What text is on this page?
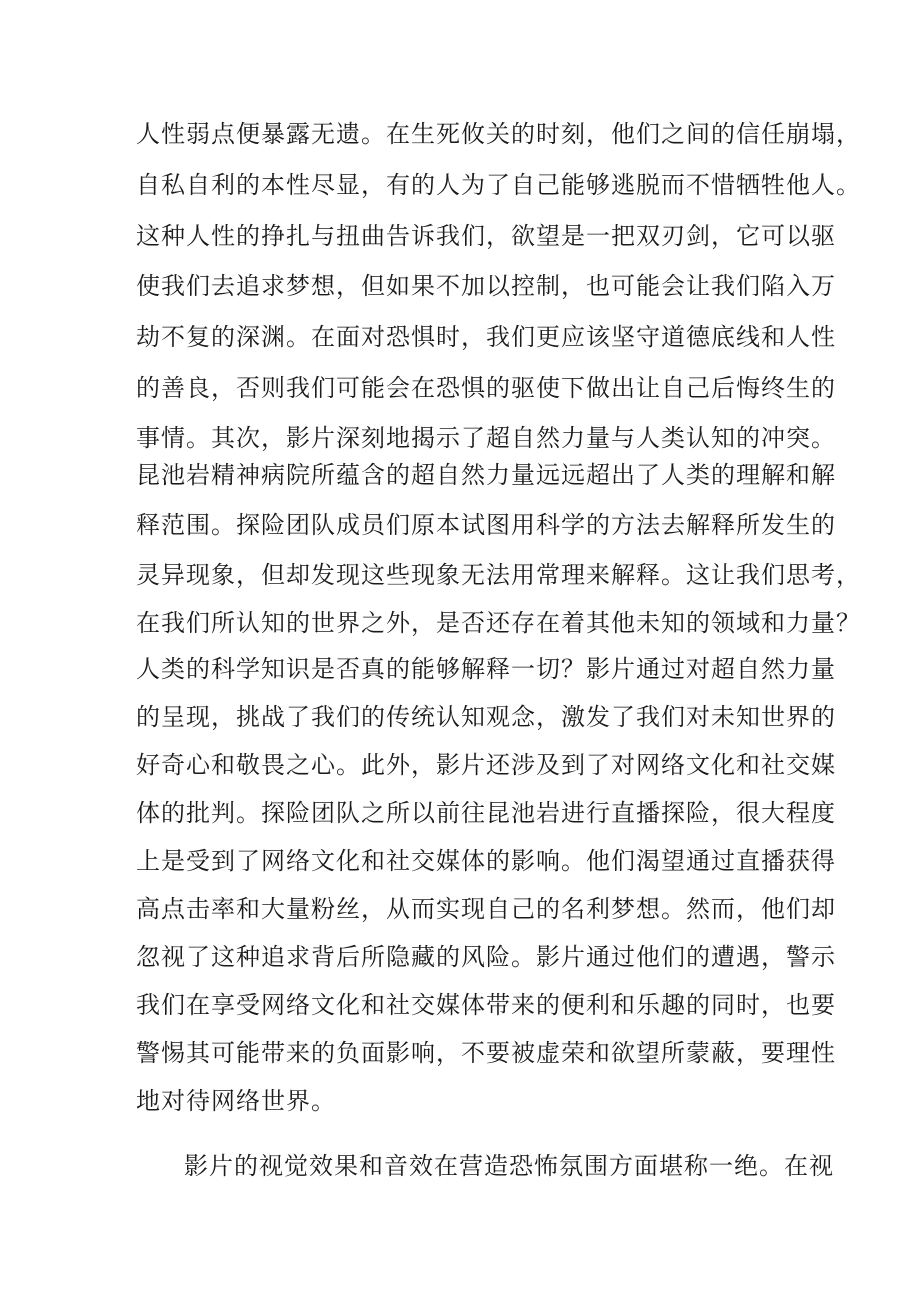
人性弱点便暴露无遗。在生死攸关的时刻，他们之间的信任崩塌，
自私自利的本性尽显，有的人为了自己能够逃脱而不惜牺牲他人。
这种人性的挣扎与扭曲告诉我们，欲望是一把双刃剑，它可以驱
使我们去追求梦想，但如果不加以控制，也可能会让我们陷入万
劫不复的深渊。在面对恐惧时，我们更应该坚守道德底线和人性
的善良，否则我们可能会在恐惧的驱使下做出让自己后悔终生的
事情。其次，影片深刻地揭示了超自然力量与人类认知的冲突。
昆池岩精神病院所蕴含的超自然力量远远超出了人类的理解和解
释范围。探险团队成员们原本试图用科学的方法去解释所发生的
灵异现象，但却发现这些现象无法用常理来解释。这让我们思考，
在我们所认知的世界之外，是否还存在着其他未知的领域和力量？
人类的科学知识是否真的能够解释一切？影片通过对超自然力量
的呈现，挑战了我们的传统认知观念，激发了我们对未知世界的
好奇心和敬畏之心。此外，影片还涉及到了对网络文化和社交媒
体的批判。探险团队之所以前往昆池岩进行直播探险，很大程度
上是受到了网络文化和社交媒体的影响。他们渴望通过直播获得
高点击率和大量粉丝，从而实现自己的名利梦想。然而，他们却
忽视了这种追求背后所隐藏的风险。影片通过他们的遭遇，警示
我们在享受网络文化和社交媒体带来的便利和乐趣的同时，也要
警惕其可能带来的负面影响，不要被虚荣和欲望所蒙蔽，要理性
地对待网络世界。
影片的视觉效果和音效在营造恐怖氛围方面堪称一绝。在视
